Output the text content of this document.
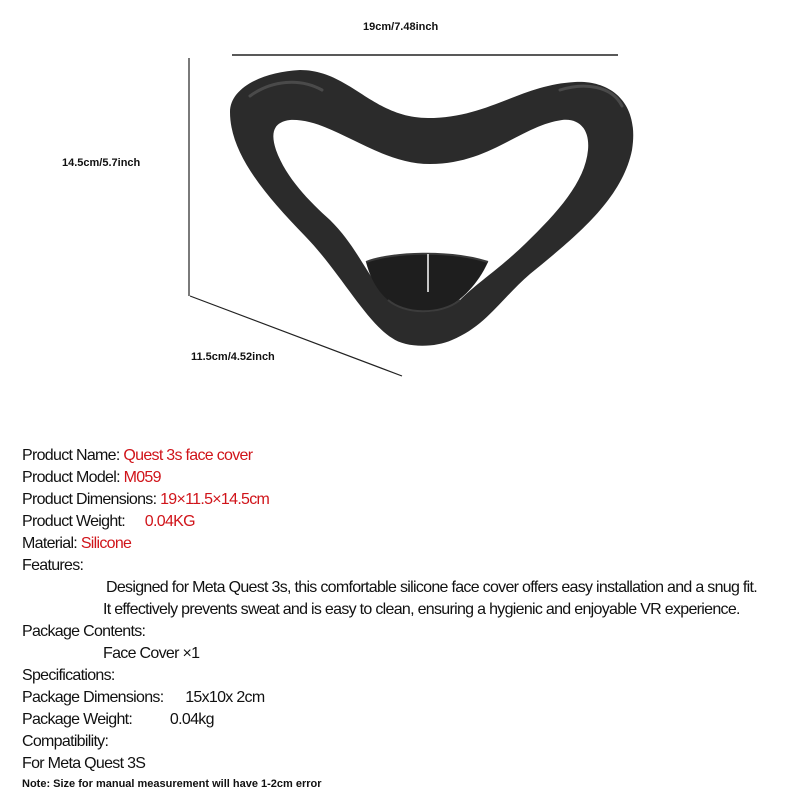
19cm/7.48inch
14.5cm/5.7inch
11.5cm/4.52inch
Product Name: Quest 3s face cover
Product Model: M059
Product Dimensions: 19×11.5×14.5cm
Product Weight: 0.04KG
Material: Silicone
Features:
Designed for Meta Quest 3s, this comfortable silicone face cover offers easy installation and a snug fit.
It effectively prevents sweat and is easy to clean, ensuring a hygienic and enjoyable VR experience.
Package Contents:
Face Cover ×1
Specifications:
Package Dimensions: 15x10x 2cm
Package Weight: 0.04kg
Compatibility:
For Meta Quest 3S
Note: Size for manual measurement will have 1-2cm error
